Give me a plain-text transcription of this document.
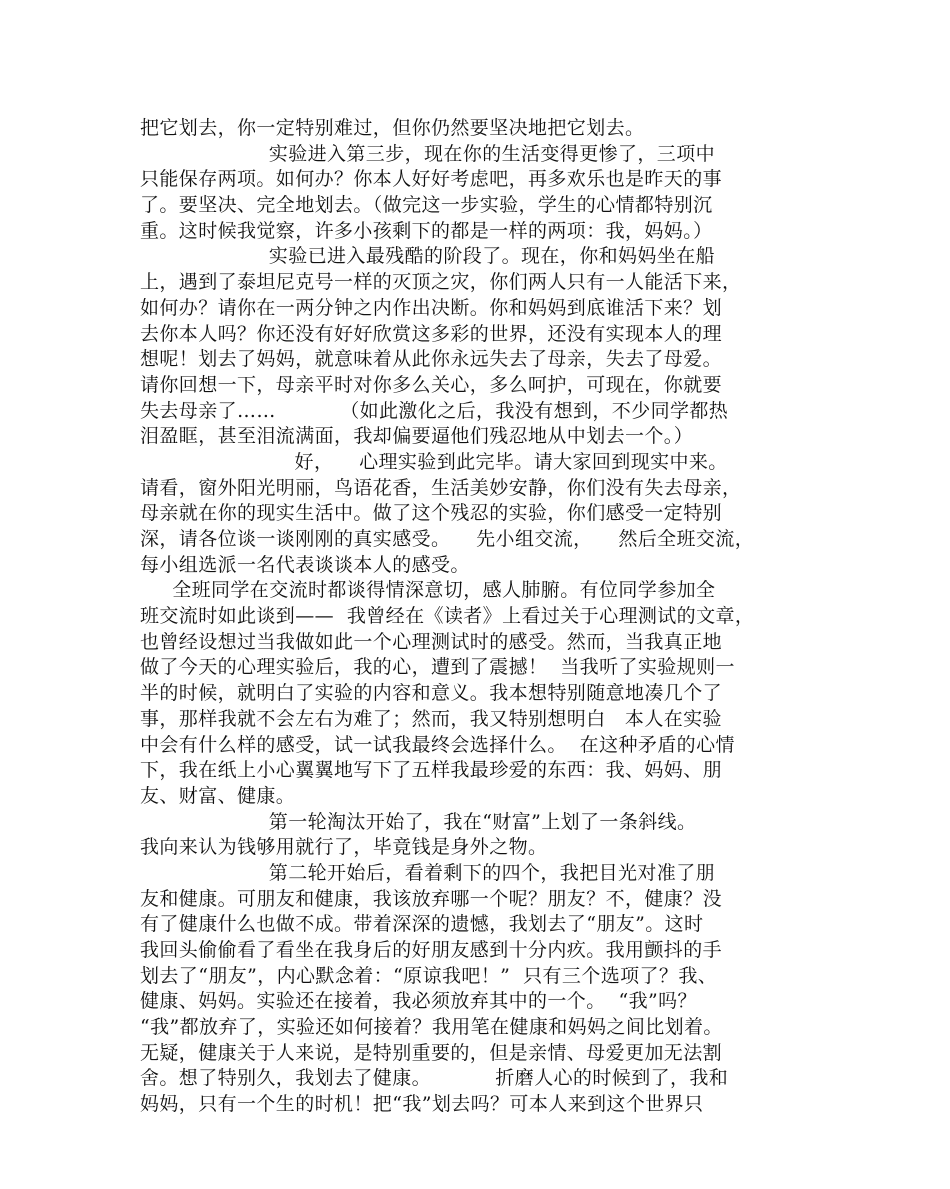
把它划去，你一定特别难过，但你仍然要坚决地把它划去。
实验进入第三步，现在你的生活变得更惨了，三项中
只能保存两项。如何办？你本人好好考虑吧，再多欢乐也是昨天的事
了。要坚决、完全地划去。（做完这一步实验，学生的心情都特别沉
重。这时候我觉察，许多小孩剩下的都是一样的两项：我，妈妈。）
实验已进入最残酷的阶段了。现在，你和妈妈坐在船
上，遇到了泰坦尼克号一样的灭顶之灾，你们两人只有一人能活下来，
如何办？请你在一两分钟之内作出决断。你和妈妈到底谁活下来？划
去你本人吗？你还没有好好欣赏这多彩的世界，还没有实现本人的理
想呢！划去了妈妈，就意味着从此你永远失去了母亲，失去了母爱。
请你回想一下，母亲平时对你多么关心，多么呵护，可现在，你就要
失去母亲了……          （如此激化之后，我没有想到，不少同学都热
泪盈眶，甚至泪流满面，我却偏要逼他们残忍地从中划去一个。）
好，    心理实验到此完毕。请大家回到现实中来。
请看，窗外阳光明丽，鸟语花香，生活美妙安静，你们没有失去母亲，
母亲就在你的现实生活中。做了这个残忍的实验，你们感受一定特别
深，请各位谈一谈刚刚的真实感受。    先小组交流，    然后全班交流，
每小组选派一名代表谈谈本人的感受。
全班同学在交流时都谈得情深意切，感人肺腑。有位同学参加全
班交流时如此谈到——  我曾经在《读者》上看过关于心理测试的文章，
也曾经设想过当我做如此一个心理测试时的感受。然而，当我真正地
做了今天的心理实验后，我的心，遭到了震撼！  当我听了实验规则一
半的时候，就明白了实验的内容和意义。我本想特别随意地凑几个了
事，那样我就不会左右为难了；然而，我又特别想明白   本人在实验
中会有什么样的感受，试一试我最终会选择什么。  在这种矛盾的心情
下，我在纸上小心翼翼地写下了五样我最珍爱的东西：我、妈妈、朋
友、财富、健康。
第一轮淘汰开始了，我在“财富”上划了一条斜线。
我向来认为钱够用就行了，毕竟钱是身外之物。
第二轮开始后，看着剩下的四个，我把目光对准了朋
友和健康。可朋友和健康，我该放弃哪一个呢？朋友？不，健康？没
有了健康什么也做不成。带着深深的遗憾，我划去了“朋友”。这时
我回头偷偷看了看坐在我身后的好朋友感到十分内疚。我用颤抖的手
划去了“朋友”，内心默念着：“原谅我吧！”  只有三个选项了？我、
健康、妈妈。实验还在接着，我必须放弃其中的一个。  “我”吗？
“我”都放弃了，实验还如何接着？我用笔在健康和妈妈之间比划着。
无疑，健康关于人来说，是特别重要的，但是亲情、母爱更加无法割
舍。想了特别久，我划去了健康。          折磨人心的时候到了，我和
妈妈，只有一个生的时机！把“我”划去吗？可本人来到这个世界只
